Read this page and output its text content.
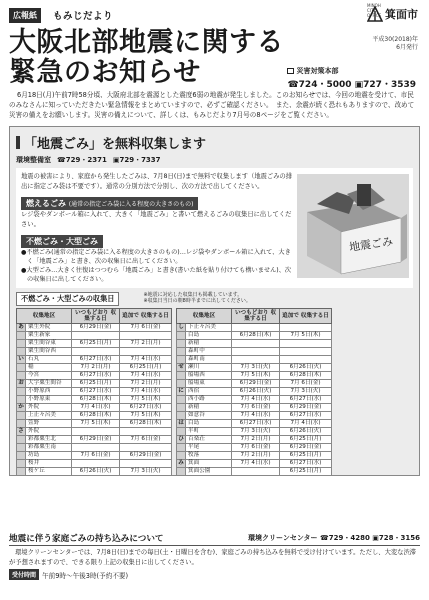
広報紙	もみじだより
MINOH CITY OFFICE 箕面市
大阪北部地震に関する
緊急のお知らせ
平成30(2018)年
6月発行
災害対策本部
☎724・5000 ▣727・3539

6月18日(月)午前7時58分頃、大阪府北部を震源とした震度6弱の地震が発生しました。このお知らせでは、今回の地震を受けて、市民のみなさんに知っていただきたい緊急情報をまとめていますので、必ずご確認ください。　また、余震が続く恐れもありますので、改めて災害の備えをお願いします。災害の備えについて、詳しくは、もみじだより7月号の8ページをご覧ください。

「地震ごみ」を無料収集します
環境整備室 ☎729・2371 ▣729・7337

地震の被害により、家庭から発生したごみは、7月8日(日)まで無料で収集します（地震ごみの排出に指定ごみ袋は不要です）。通常の分別方法で分別し、次の方法で出してください。

燃えるごみ (通常の指定ごみ袋に入る程度の大きさのもの)

レジ袋やダンボール箱に入れて、大きく「地震ごみ」と書いて燃えるごみの収集日に出してください。

不燃ごみ・大型ごみ

●不燃ごみ(通常の指定ごみ袋に入る程度の大きさのもの)…レジ袋やダンボール箱に入れて、大きく「地震ごみ」と書き、次の収集日に出してください。

●大型ごみ…大きく往復はつつむら「地震ごみ」と書き(書いた紙を貼り付けても構いません)、次の収集日に出してください。

地震ごみ
不燃ごみ・大型ごみの収集日	※地震に対応した収集日も掲載しています。
※収集日当日の朝8時半までに出してください。
収集地区		いつもどおり 収集する日	追加で 収集する日
あ	粟生外院	6月29日(金)	7月 6日(金)
	粟生新家		
	粟生間谷東	6月25日(月)	7月 2日(月)
	粟生間谷西		
い	石丸	6月27日(水)	7月 4日(水)
	稲	7月 2日(月)	6月25日(月)
	今宮	6月27日(水)	7月 4日(水)
お	大字粟生間谷	6月25日(月)	7月 2日(月)
	小野原西	6月27日(水)	7月 4日(水)
	小野原東	6月28日(木)	7月 5日(木)
か	外院	7月 4日(水)	6月27日(水)
	上止々呂美	6月28日(木)	7月 5日(木)
	萱野	7月 5日(木)	6月28日(木)
さ	外院		
	彩都粟生北	6月29日(金)	7月 6日(金)
	彩都粟生南		
	坊島	7月 6日(金)	6月29日(金)
	桜井		
	桜ケ丘	6月26日(火)	7月 3日(火)
収集地区		いつもどおり 収集する日	追加で 収集する日
し	下止々呂美		
	白島	6月28日(木)	7月 5日(木)
	新稲		
	森町中		
	森町南		
せ	瀬川	7月 3日(火)	6月26日(火)
	船場西	7月 5日(木)	6月28日(木)
	船場東	6月29日(金)	7月 6日(金)
に	西宿	6月26日(火)	7月 3日(火)
	西小路	7月 4日(水)	6月27日(水)
	新稲	7月 6日(金)	6月29日(金)
	如意谷	7月 4日(水)	6月27日(水)
は	白島	6月27日(水)	7月 4日(水)
	半町	7月 3日(火)	6月26日(火)
ひ	百楽荘	7月 2日(月)	6月25日(月)
	平尾	7月 6日(金)	6月29日(金)
	牧落	7月 2日(月)	6月25日(月)
み	箕面	7月 4日(水)	6月27日(水)
	箕面公園		6月25日(月)
地震に伴う家庭ごみの持ち込みについて	環境クリーンセンター ☎729・4280 ▣728・3156

環境クリーンセンターでは、7月8日(日)までの毎日(土・日曜日を含む)、家庭ごみの持ち込みを無料で受け付けています。ただし、大変な渋滞が予想されますので、できる限り上記の収集日に出してください。

受付時間 午前9時〜午後3時(予約不要)
